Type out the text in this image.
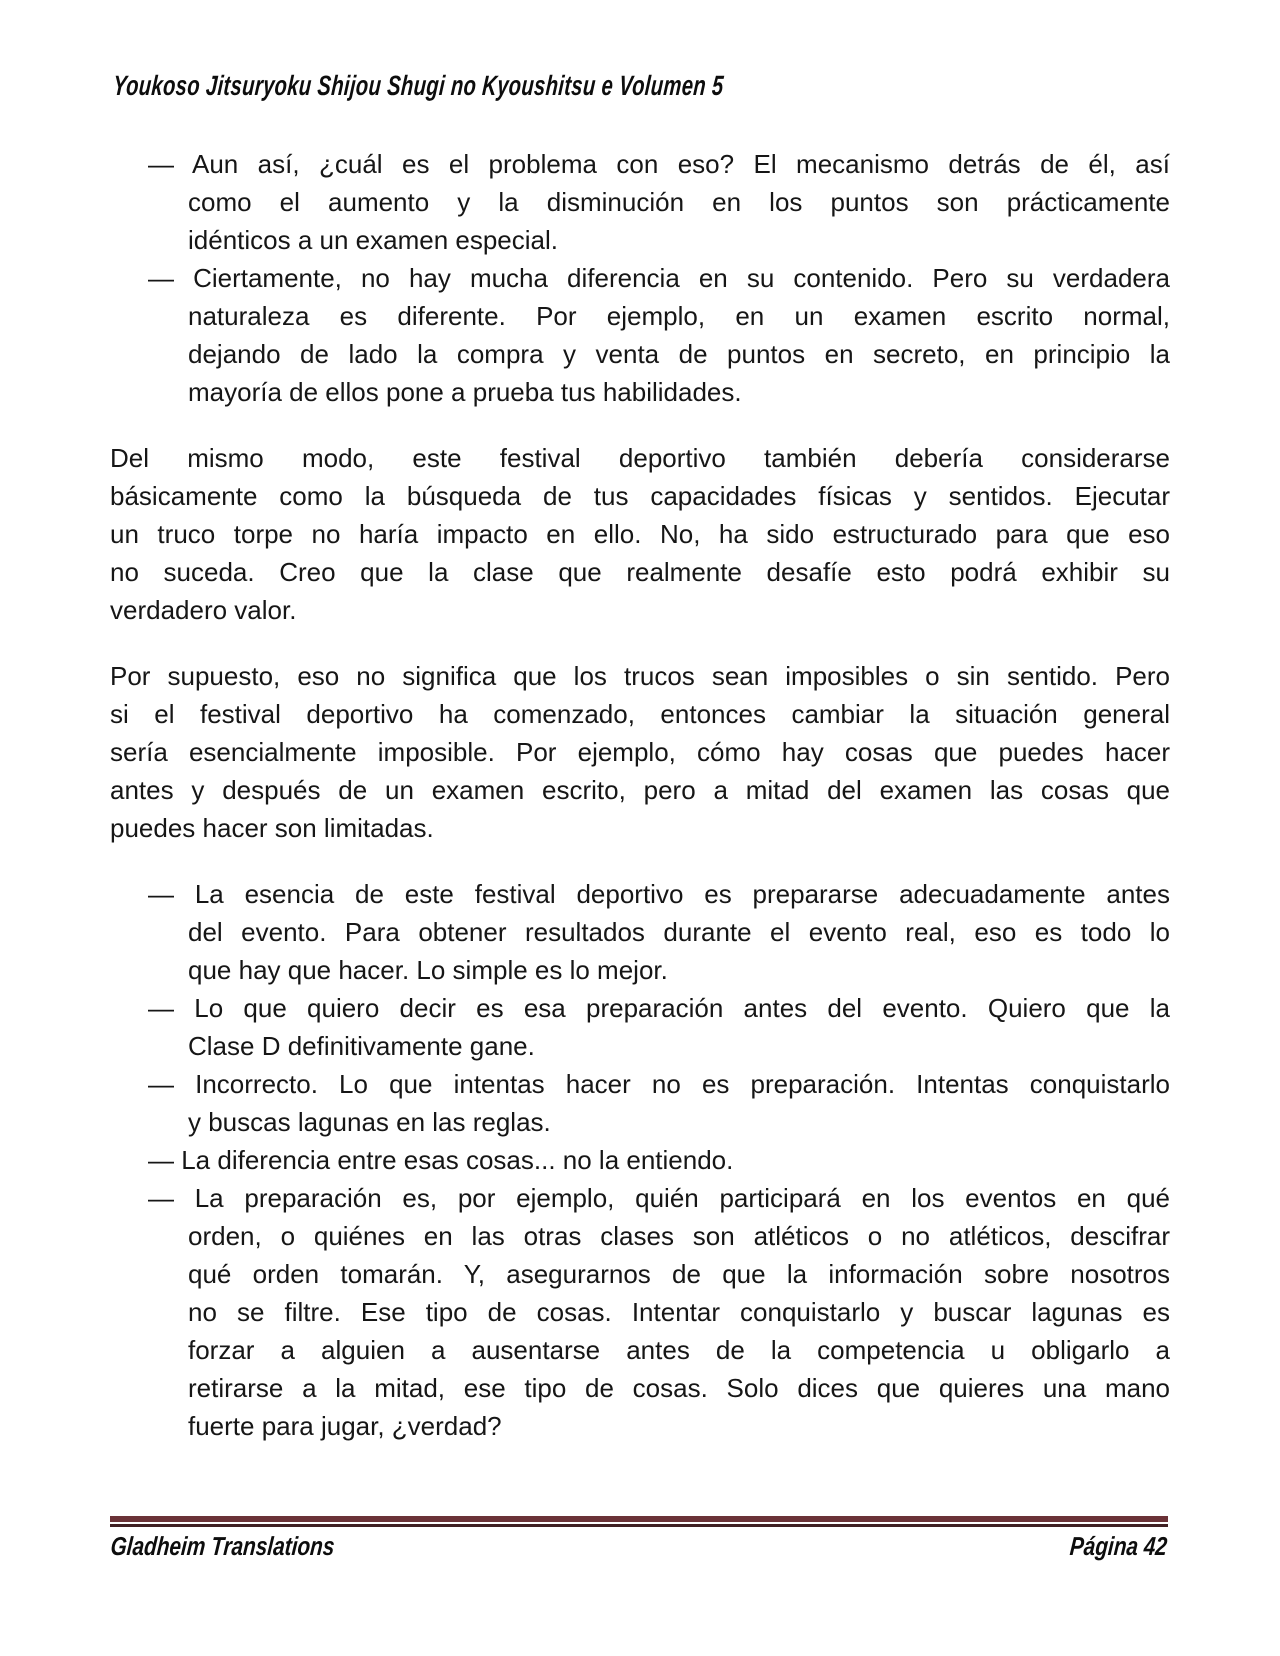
Youkoso Jitsuryoku Shijou Shugi no Kyoushitsu e Volumen 5
— Aun así, ¿cuál es el problema con eso? El mecanismo detrás de él, así
como el aumento y la disminución en los puntos son prácticamente
idénticos a un examen especial.
— Ciertamente, no hay mucha diferencia en su contenido. Pero su verdadera
naturaleza es diferente. Por ejemplo, en un examen escrito normal,
dejando de lado la compra y venta de puntos en secreto, en principio la
mayoría de ellos pone a prueba tus habilidades.
Del mismo modo, este festival deportivo también debería considerarse
básicamente como la búsqueda de tus capacidades físicas y sentidos. Ejecutar
un truco torpe no haría impacto en ello. No, ha sido estructurado para que eso
no suceda. Creo que la clase que realmente desafíe esto podrá exhibir su
verdadero valor.
Por supuesto, eso no significa que los trucos sean imposibles o sin sentido. Pero
si el festival deportivo ha comenzado, entonces cambiar la situación general
sería esencialmente imposible. Por ejemplo, cómo hay cosas que puedes hacer
antes y después de un examen escrito, pero a mitad del examen las cosas que
puedes hacer son limitadas.
— La esencia de este festival deportivo es prepararse adecuadamente antes
del evento. Para obtener resultados durante el evento real, eso es todo lo
que hay que hacer. Lo simple es lo mejor.
— Lo que quiero decir es esa preparación antes del evento. Quiero que la
Clase D definitivamente gane.
— Incorrecto. Lo que intentas hacer no es preparación. Intentas conquistarlo
y buscas lagunas en las reglas.
— La diferencia entre esas cosas... no la entiendo.
— La preparación es, por ejemplo, quién participará en los eventos en qué
orden, o quiénes en las otras clases son atléticos o no atléticos, descifrar
qué orden tomarán. Y, asegurarnos de que la información sobre nosotros
no se filtre. Ese tipo de cosas. Intentar conquistarlo y buscar lagunas es
forzar a alguien a ausentarse antes de la competencia u obligarlo a
retirarse a la mitad, ese tipo de cosas. Solo dices que quieres una mano
fuerte para jugar, ¿verdad?
Gladheim Translations	Página 42
